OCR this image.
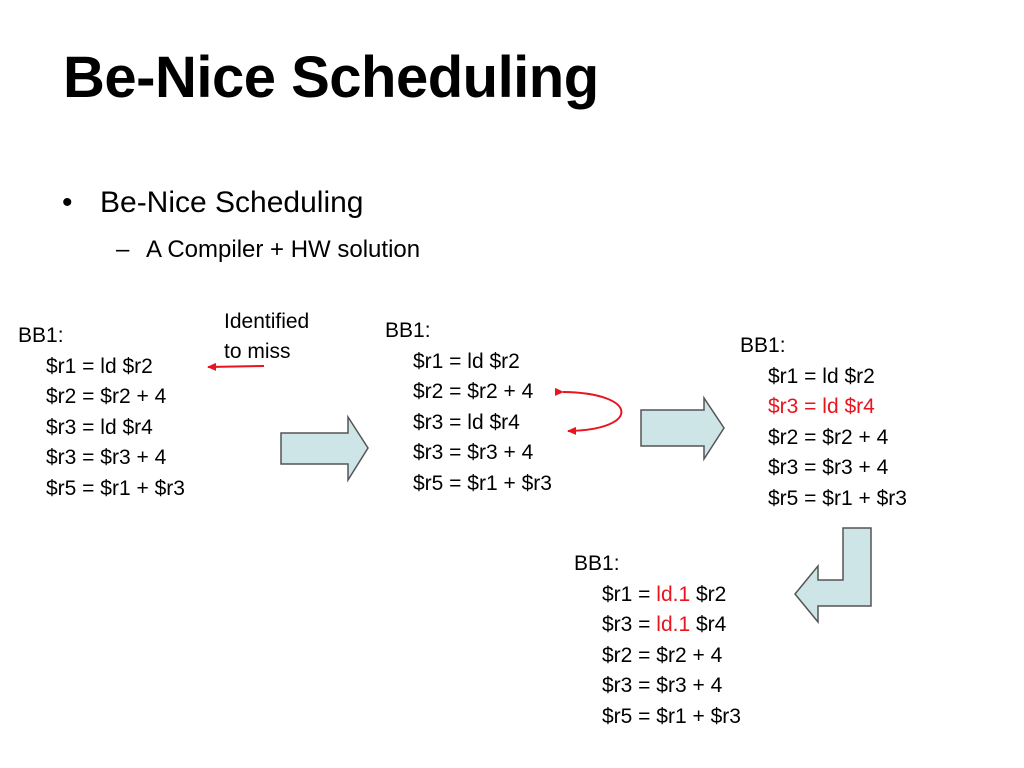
Be-Nice Scheduling
• Be-Nice Scheduling
– A Compiler + HW solution
Identified
to miss
BB1:
$r1 = ld $r2
$r2 = $r2 + 4
$r3 = ld $r4
$r3 = $r3 + 4
$r5 = $r1 + $r3
BB1:
$r1 = ld $r2
$r2 = $r2 + 4
$r3 = ld $r4
$r3 = $r3 + 4
$r5 = $r1 + $r3
BB1:
$r1 = ld $r2
$r3 = ld $r4
$r2 = $r2 + 4
$r3 = $r3 + 4
$r5 = $r1 + $r3
BB1:
$r1 = ld.1 $r2
$r3 = ld.1 $r4
$r2 = $r2 + 4
$r3 = $r3 + 4
$r5 = $r1 + $r3
